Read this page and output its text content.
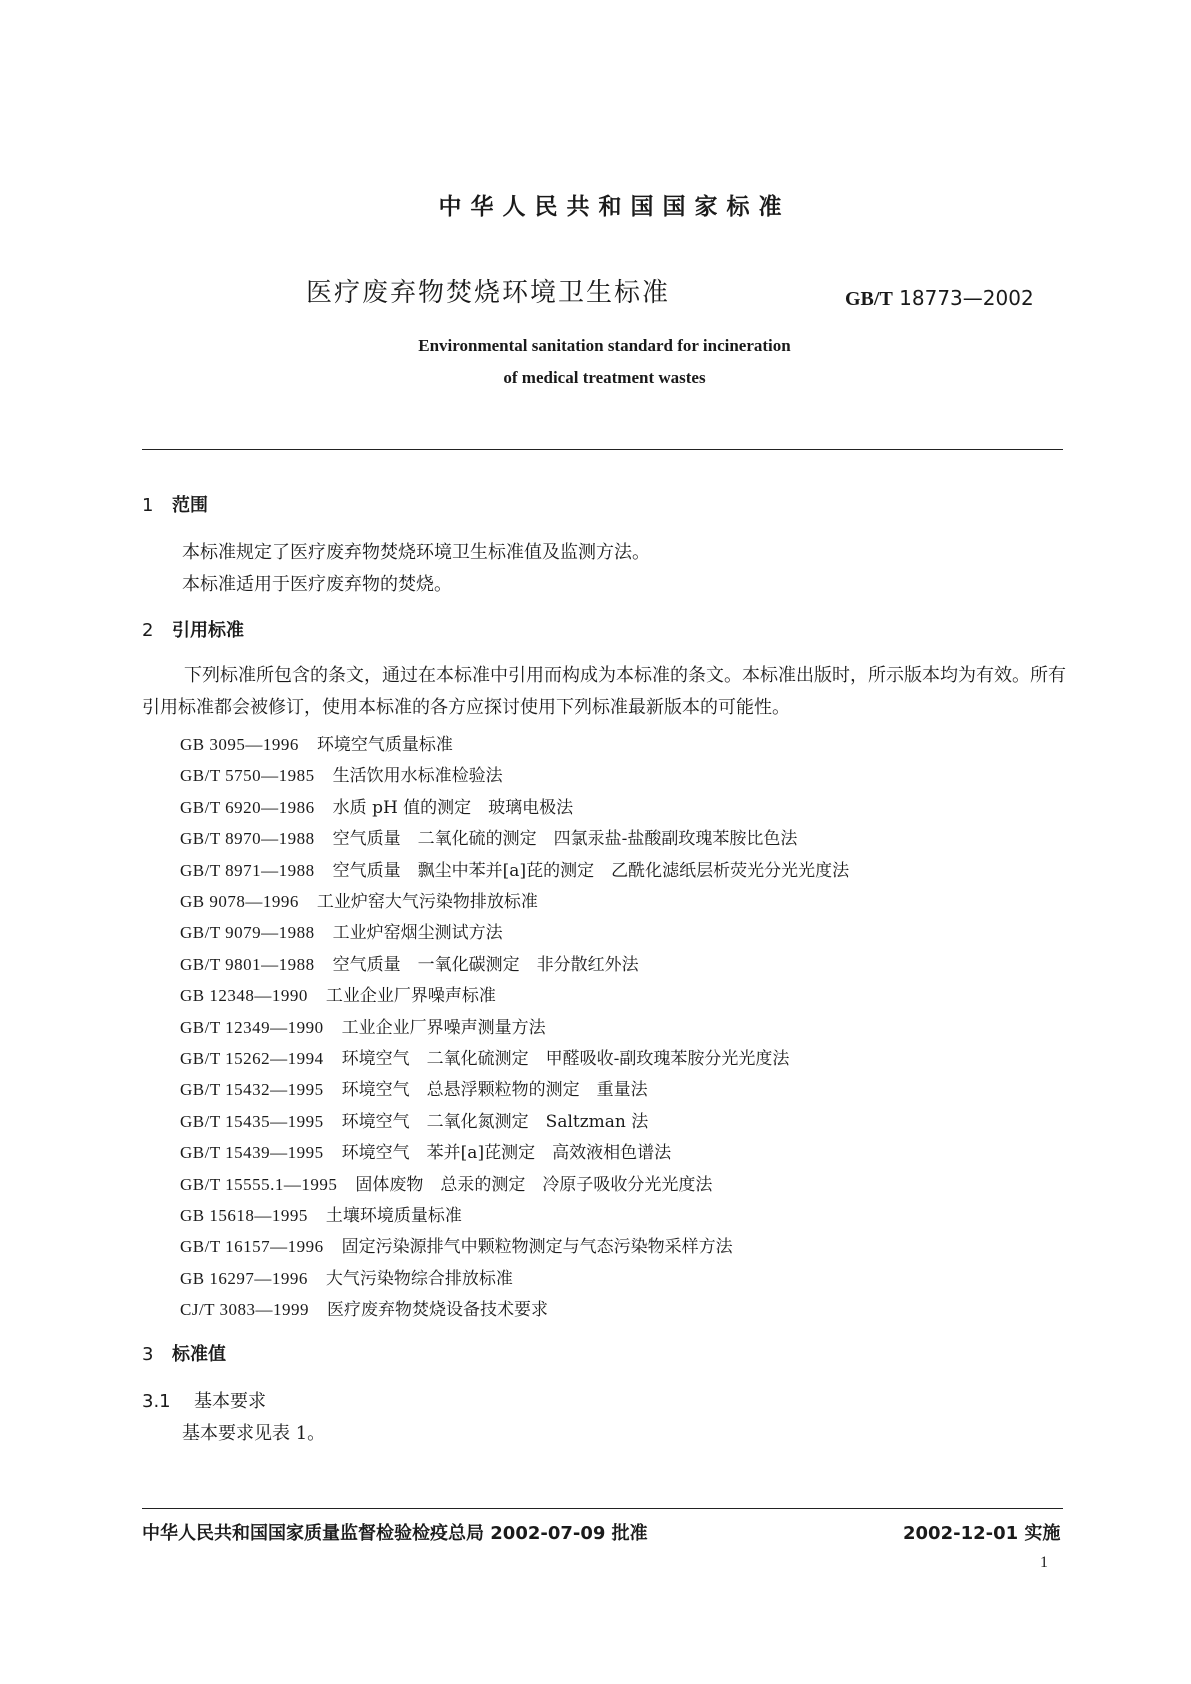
中华人民共和国国家标准
医疗废弃物焚烧环境卫生标准	GB/T 18773—2002
Environmental sanitation standard for incineration
of medical treatment wastes
1 范围
本标准规定了医疗废弃物焚烧环境卫生标准值及监测方法。
本标准适用于医疗废弃物的焚烧。
2 引用标准
下列标准所包含的条文，通过在本标准中引用而构成为本标准的条文。本标准出版时，所示版本均为有效。所有引用标准都会被修订，使用本标准的各方应探讨使用下列标准最新版本的可能性。
GB 3095—1996 环境空气质量标准
GB/T 5750—1985 生活饮用水标准检验法
GB/T 6920—1986 水质 pH 值的测定　玻璃电极法
GB/T 8970—1988 空气质量　二氧化硫的测定　四氯汞盐-盐酸副玫瑰苯胺比色法
GB/T 8971—1988 空气质量　飘尘中苯并[a]芘的测定　乙酰化滤纸层析荧光分光光度法
GB 9078—1996 工业炉窑大气污染物排放标准
GB/T 9079—1988 工业炉窑烟尘测试方法
GB/T 9801—1988 空气质量　一氧化碳测定　非分散红外法
GB 12348—1990 工业企业厂界噪声标准
GB/T 12349—1990 工业企业厂界噪声测量方法
GB/T 15262—1994 环境空气　二氧化硫测定　甲醛吸收-副玫瑰苯胺分光光度法
GB/T 15432—1995 环境空气　总悬浮颗粒物的测定　重量法
GB/T 15435—1995 环境空气　二氧化氮测定　Saltzman 法
GB/T 15439—1995 环境空气　苯并[a]芘测定　高效液相色谱法
GB/T 15555.1—1995 固体废物　总汞的测定　冷原子吸收分光光度法
GB 15618—1995 土壤环境质量标准
GB/T 16157—1996 固定污染源排气中颗粒物测定与气态污染物采样方法
GB 16297—1996 大气污染物综合排放标准
CJ/T 3083—1999 医疗废弃物焚烧设备技术要求
3 标准值
3.1 基本要求
基本要求见表 1。
中华人民共和国国家质量监督检验检疫总局 2002-07-09 批准	2002-12-01 实施
1
